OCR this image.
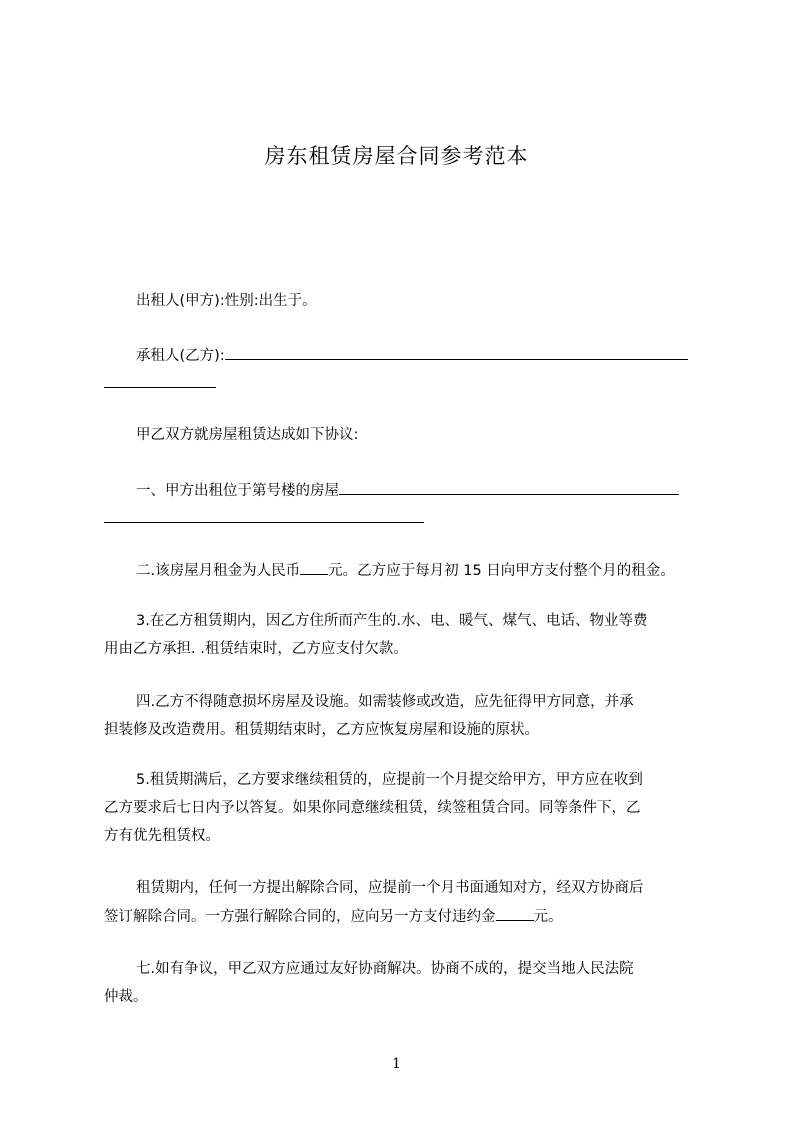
房东租赁房屋合同参考范本
出租人(甲方):性别:出生于。
承租人(乙方):
甲乙双方就房屋租赁达成如下协议:
一、甲方出租位于第号楼的房屋
二.该房屋月租金为人民币 元。乙方应于每月初 15 日向甲方支付整个月的租金。
3.在乙方租赁期内，因乙方住所而产生的.水、电、暖气、煤气、电话、物业等费
用由乙方承担. .租赁结束时，乙方应支付欠款。
四.乙方不得随意损坏房屋及设施。如需装修或改造，应先征得甲方同意，并承
担装修及改造费用。租赁期结束时，乙方应恢复房屋和设施的原状。
5.租赁期满后，乙方要求继续租赁的，应提前一个月提交给甲方，甲方应在收到
乙方要求后七日内予以答复。如果你同意继续租赁，续签租赁合同。同等条件下，乙
方有优先租赁权。
租赁期内，任何一方提出解除合同，应提前一个月书面通知对方，经双方协商后
签订解除合同。一方强行解除合同的，应向另一方支付违约金	元。
七.如有争议，甲乙双方应通过友好协商解决。协商不成的，提交当地人民法院
仲裁。
1
